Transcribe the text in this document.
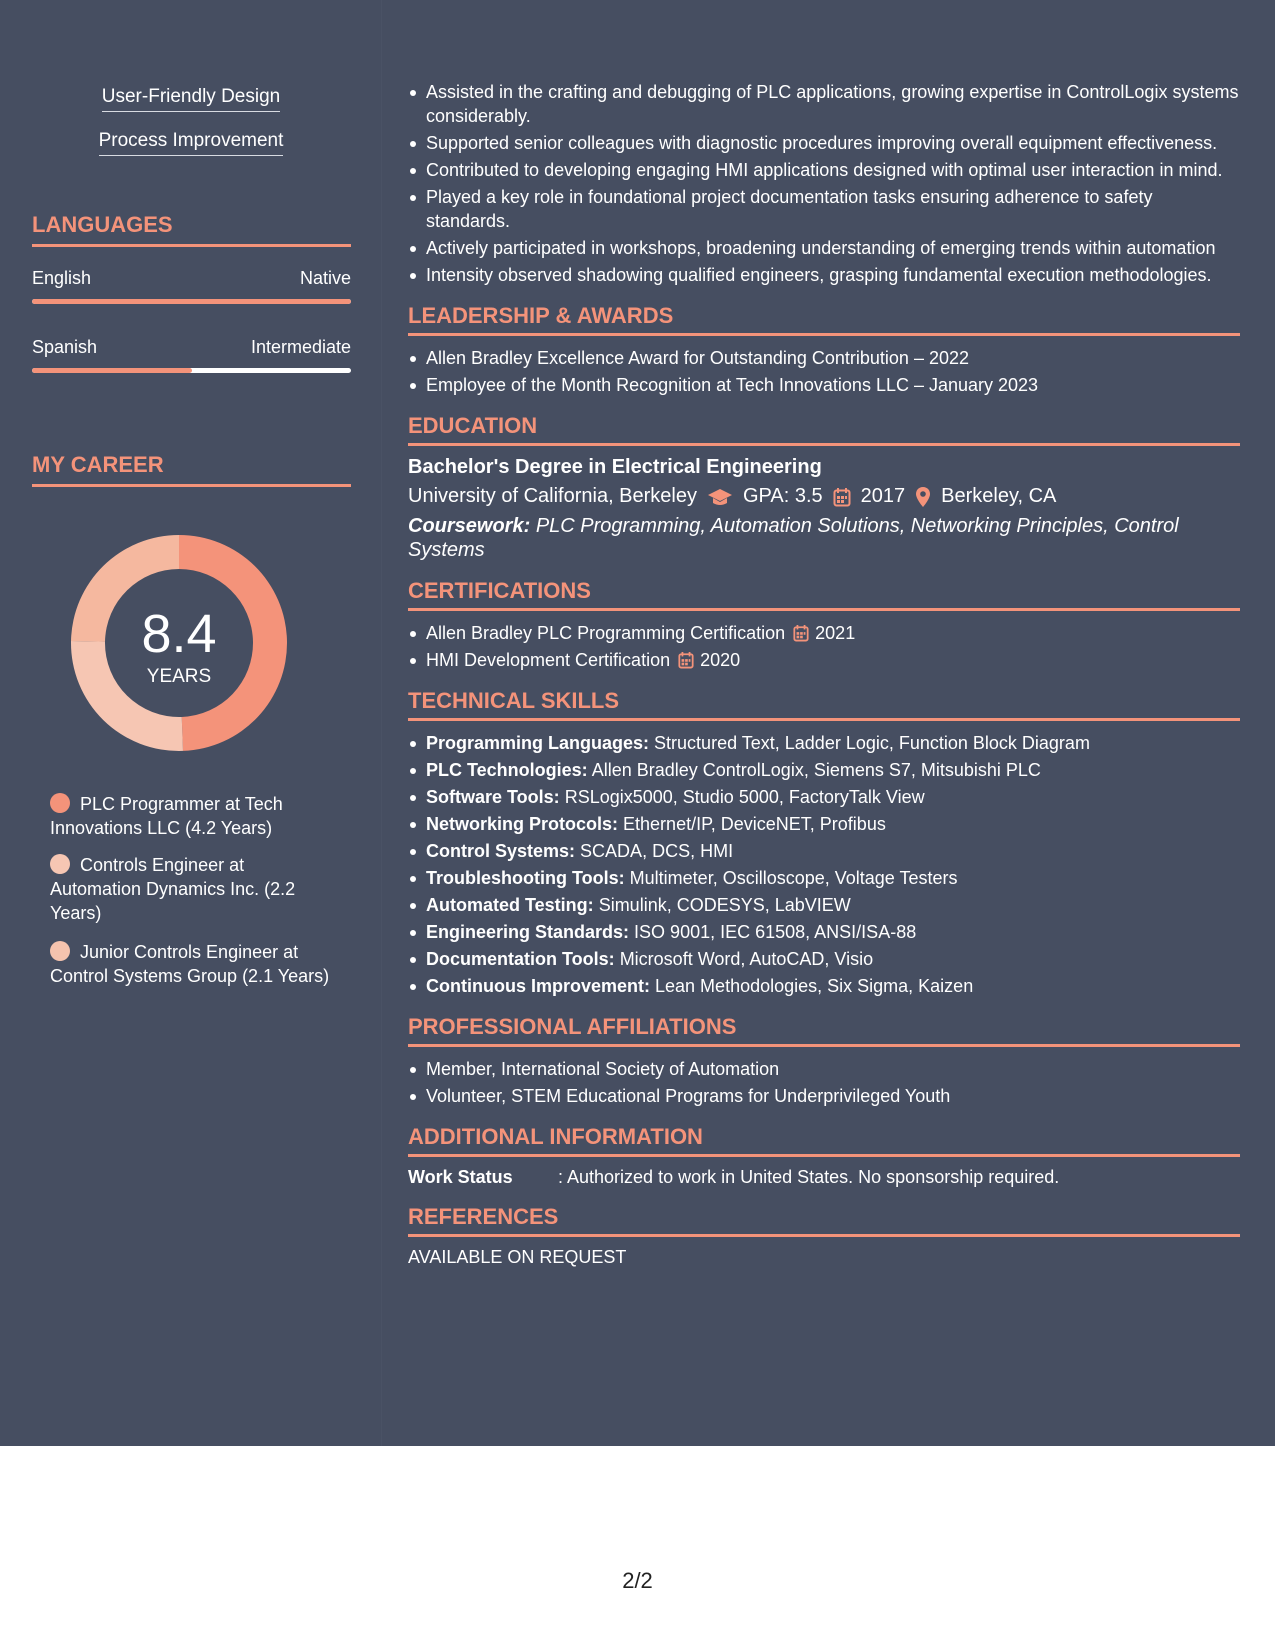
User-Friendly Design
Process Improvement
LANGUAGES
English	Native
Spanish	Intermediate
MY CAREER
8.4
YEARS
PLC Programmer at Tech Innovations LLC (4.2 Years)
Controls Engineer at Automation Dynamics Inc. (2.2 Years)
Junior Controls Engineer at Control Systems Group (2.1 Years)
Assisted in the crafting and debugging of PLC applications, growing expertise in ControlLogix systems considerably.
Supported senior colleagues with diagnostic procedures improving overall equipment effectiveness.
Contributed to developing engaging HMI applications designed with optimal user interaction in mind.
Played a key role in foundational project documentation tasks ensuring adherence to safety standards.
Actively participated in workshops, broadening understanding of emerging trends within automation
Intensity observed shadowing qualified engineers, grasping fundamental execution methodologies.
LEADERSHIP & AWARDS
Allen Bradley Excellence Award for Outstanding Contribution – 2022
Employee of the Month Recognition at Tech Innovations LLC – January 2023
EDUCATION
Bachelor's Degree in Electrical Engineering
University of California, Berkeley GPA: 3.5 2017 Berkeley, CA
Coursework: PLC Programming, Automation Solutions, Networking Principles, Control Systems
CERTIFICATIONS
Allen Bradley PLC Programming Certification 2021
HMI Development Certification 2020
TECHNICAL SKILLS
Programming Languages: Structured Text, Ladder Logic, Function Block Diagram
PLC Technologies: Allen Bradley ControlLogix, Siemens S7, Mitsubishi PLC
Software Tools: RSLogix5000, Studio 5000, FactoryTalk View
Networking Protocols: Ethernet/IP, DeviceNET, Profibus
Control Systems: SCADA, DCS, HMI
Troubleshooting Tools: Multimeter, Oscilloscope, Voltage Testers
Automated Testing: Simulink, CODESYS, LabVIEW
Engineering Standards: ISO 9001, IEC 61508, ANSI/ISA-88
Documentation Tools: Microsoft Word, AutoCAD, Visio
Continuous Improvement: Lean Methodologies, Six Sigma, Kaizen
PROFESSIONAL AFFILIATIONS
Member, International Society of Automation
Volunteer, STEM Educational Programs for Underprivileged Youth
ADDITIONAL INFORMATION
Work Status	: Authorized to work in United States. No sponsorship required.
REFERENCES
AVAILABLE ON REQUEST
2/2
